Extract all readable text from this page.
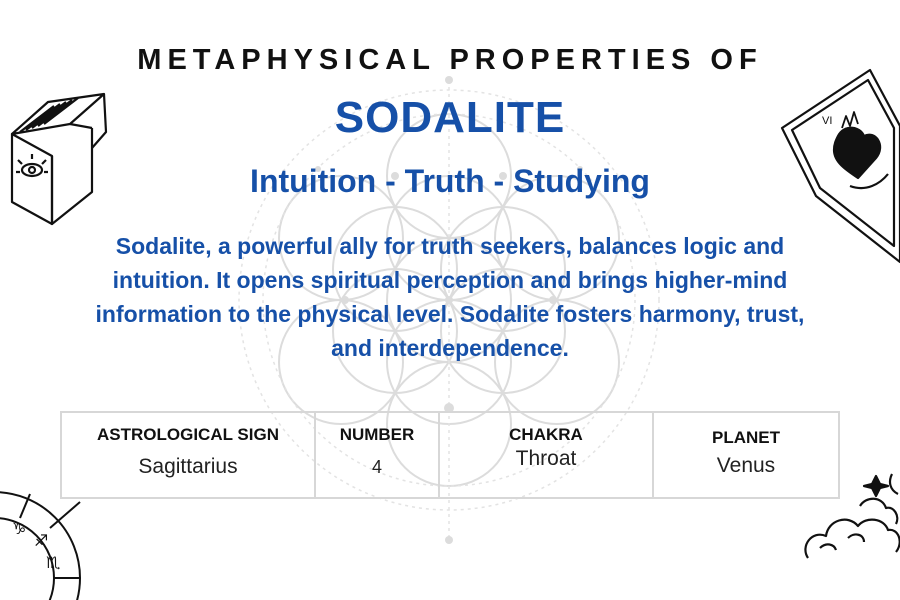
VI
♑
♐
♏
METAPHYSICAL PROPERTIES OF
SODALITE
Intuition - Truth - Studying
Sodalite, a powerful ally for truth seekers, balances logic and intuition. It opens spiritual perception and brings higher-mind information to the physical level. Sodalite fosters harmony, trust, and interdependence.
ASTROLOGICAL SIGN
Sagittarius
NUMBER
4
CHAKRA
Throat
PLANET
Venus
